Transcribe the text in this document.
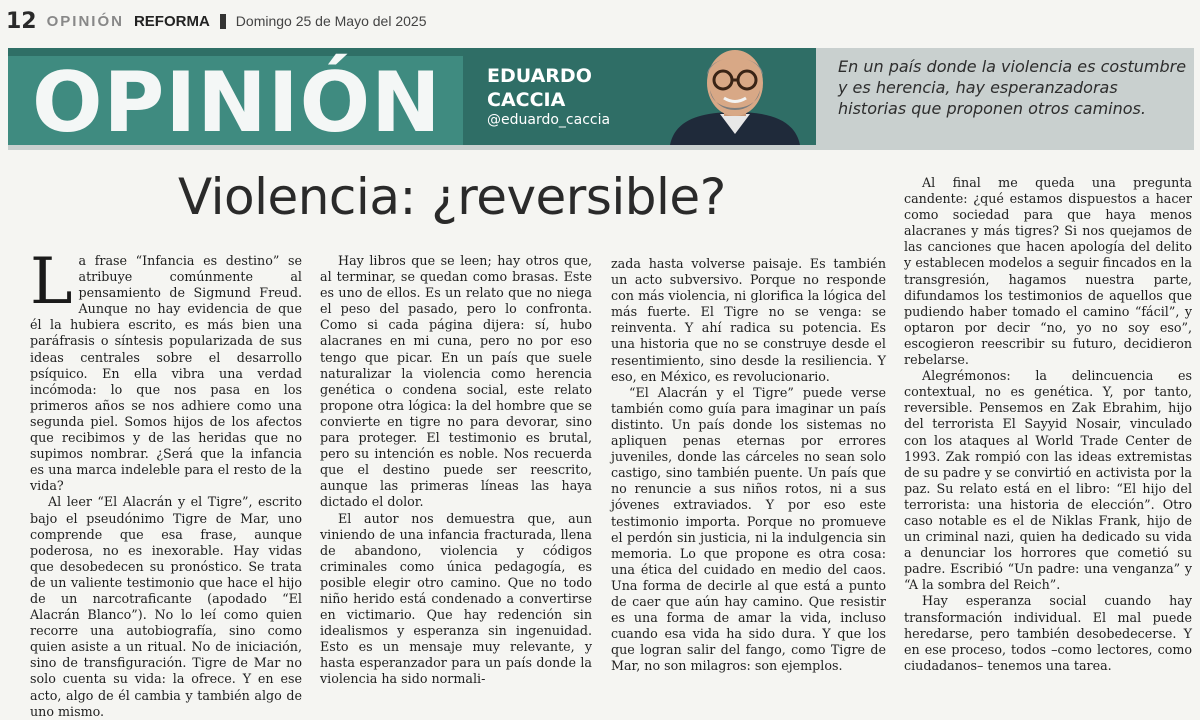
12 OPINIÓN REFORMA Domingo 25 de Mayo del 2025
OPINIÓN EDUARDO CACCIA
@eduardo_caccia
En un país donde la violencia es costumbre y es herencia, hay esperanzadoras historias que proponen otros caminos.
Violencia: ¿reversible?

La frase “Infancia es destino” se atribuye comúnmente al pensamiento de Sigmund Freud. Aunque no hay evidencia de que él la hubiera escrito, es más bien una paráfrasis o síntesis popularizada de sus ideas centrales sobre el desarrollo psíquico. En ella vibra una verdad incómoda: lo que nos pasa en los primeros años se nos adhiere como una segunda piel. Somos hijos de los afectos que recibimos y de las heridas que no supimos nombrar. ¿Será que la infancia es una marca indeleble para el resto de la vida?

Al leer “El Alacrán y el Tigre”, escrito bajo el pseudónimo Tigre de Mar, uno comprende que esa frase, aunque poderosa, no es inexorable. Hay vidas que desobedecen su pronóstico. Se trata de un valiente testimonio que hace el hijo de un narcotraficante (apodado “El Alacrán Blanco”). No lo leí como quien recorre una autobiografía, sino como quien asiste a un ritual. No de iniciación, sino de transfiguración. Tigre de Mar no solo cuenta su vida: la ofrece. Y en ese acto, algo de él cambia y también algo de uno mismo.

Hay libros que se leen; hay otros que, al terminar, se quedan como brasas. Este es uno de ellos. Es un relato que no niega el peso del pasado, pero lo confronta. Como si cada página dijera: sí, hubo alacranes en mi cuna, pero no por eso tengo que picar. En un país que suele naturalizar la violencia como herencia genética o condena social, este relato propone otra lógica: la del hombre que se convierte en tigre no para devorar, sino para proteger. El testimonio es brutal, pero su intención es noble. Nos recuerda que el destino puede ser reescrito, aunque las primeras líneas las haya dictado el dolor.

El autor nos demuestra que, aun viniendo de una infancia fracturada, llena de abandono, violencia y códigos criminales como única pedagogía, es posible elegir otro camino. Que no todo niño herido está condenado a convertirse en victimario. Que hay redención sin idealismos y esperanza sin ingenuidad. Esto es un mensaje muy relevante, y hasta esperanzador para un país donde la violencia ha sido normali-

zada hasta volverse paisaje. Es también un acto subversivo. Porque no responde con más violencia, ni glorifica la lógica del más fuerte. El Tigre no se venga: se reinventa. Y ahí radica su potencia. Es una historia que no se construye desde el resentimiento, sino desde la resiliencia. Y eso, en México, es revolucionario.

“El Alacrán y el Tigre” puede verse también como guía para imaginar un país distinto. Un país donde los sistemas no apliquen penas eternas por errores juveniles, donde las cárceles no sean solo castigo, sino también puente. Un país que no renuncie a sus niños rotos, ni a sus jóvenes extraviados. Y por eso este testimonio importa. Porque no promueve el perdón sin justicia, ni la indulgencia sin memoria. Lo que propone es otra cosa: una ética del cuidado en medio del caos. Una forma de decirle al que está a punto de caer que aún hay camino. Que resistir es una forma de amar la vida, incluso cuando esa vida ha sido dura. Y que los que logran salir del fango, como Tigre de Mar, no son milagros: son ejemplos.

Al final me queda una pregunta candente: ¿qué estamos dispuestos a hacer como sociedad para que haya menos alacranes y más tigres? Si nos quejamos de las canciones que hacen apología del delito y establecen modelos a seguir fincados en la transgresión, hagamos nuestra parte, difundamos los testimonios de aquellos que pudiendo haber tomado el camino “fácil”, y optaron por decir “no, yo no soy eso”, escogieron reescribir su futuro, decidieron rebelarse.

Alegrémonos: la delincuencia es contextual, no es genética. Y, por tanto, reversible. Pensemos en Zak Ebrahim, hijo del terrorista El Sayyid Nosair, vinculado con los ataques al World Trade Center de 1993. Zak rompió con las ideas extremistas de su padre y se convirtió en activista por la paz. Su relato está en el libro: “El hijo del terrorista: una historia de elección”. Otro caso notable es el de Niklas Frank, hijo de un criminal nazi, quien ha dedicado su vida a denunciar los horrores que cometió su padre. Escribió “Un padre: una venganza” y “A la sombra del Reich”.

Hay esperanza social cuando hay transformación individual. El mal puede heredarse, pero también desobedecerse. Y en ese proceso, todos –como lectores, como ciudadanos– tenemos una tarea.
